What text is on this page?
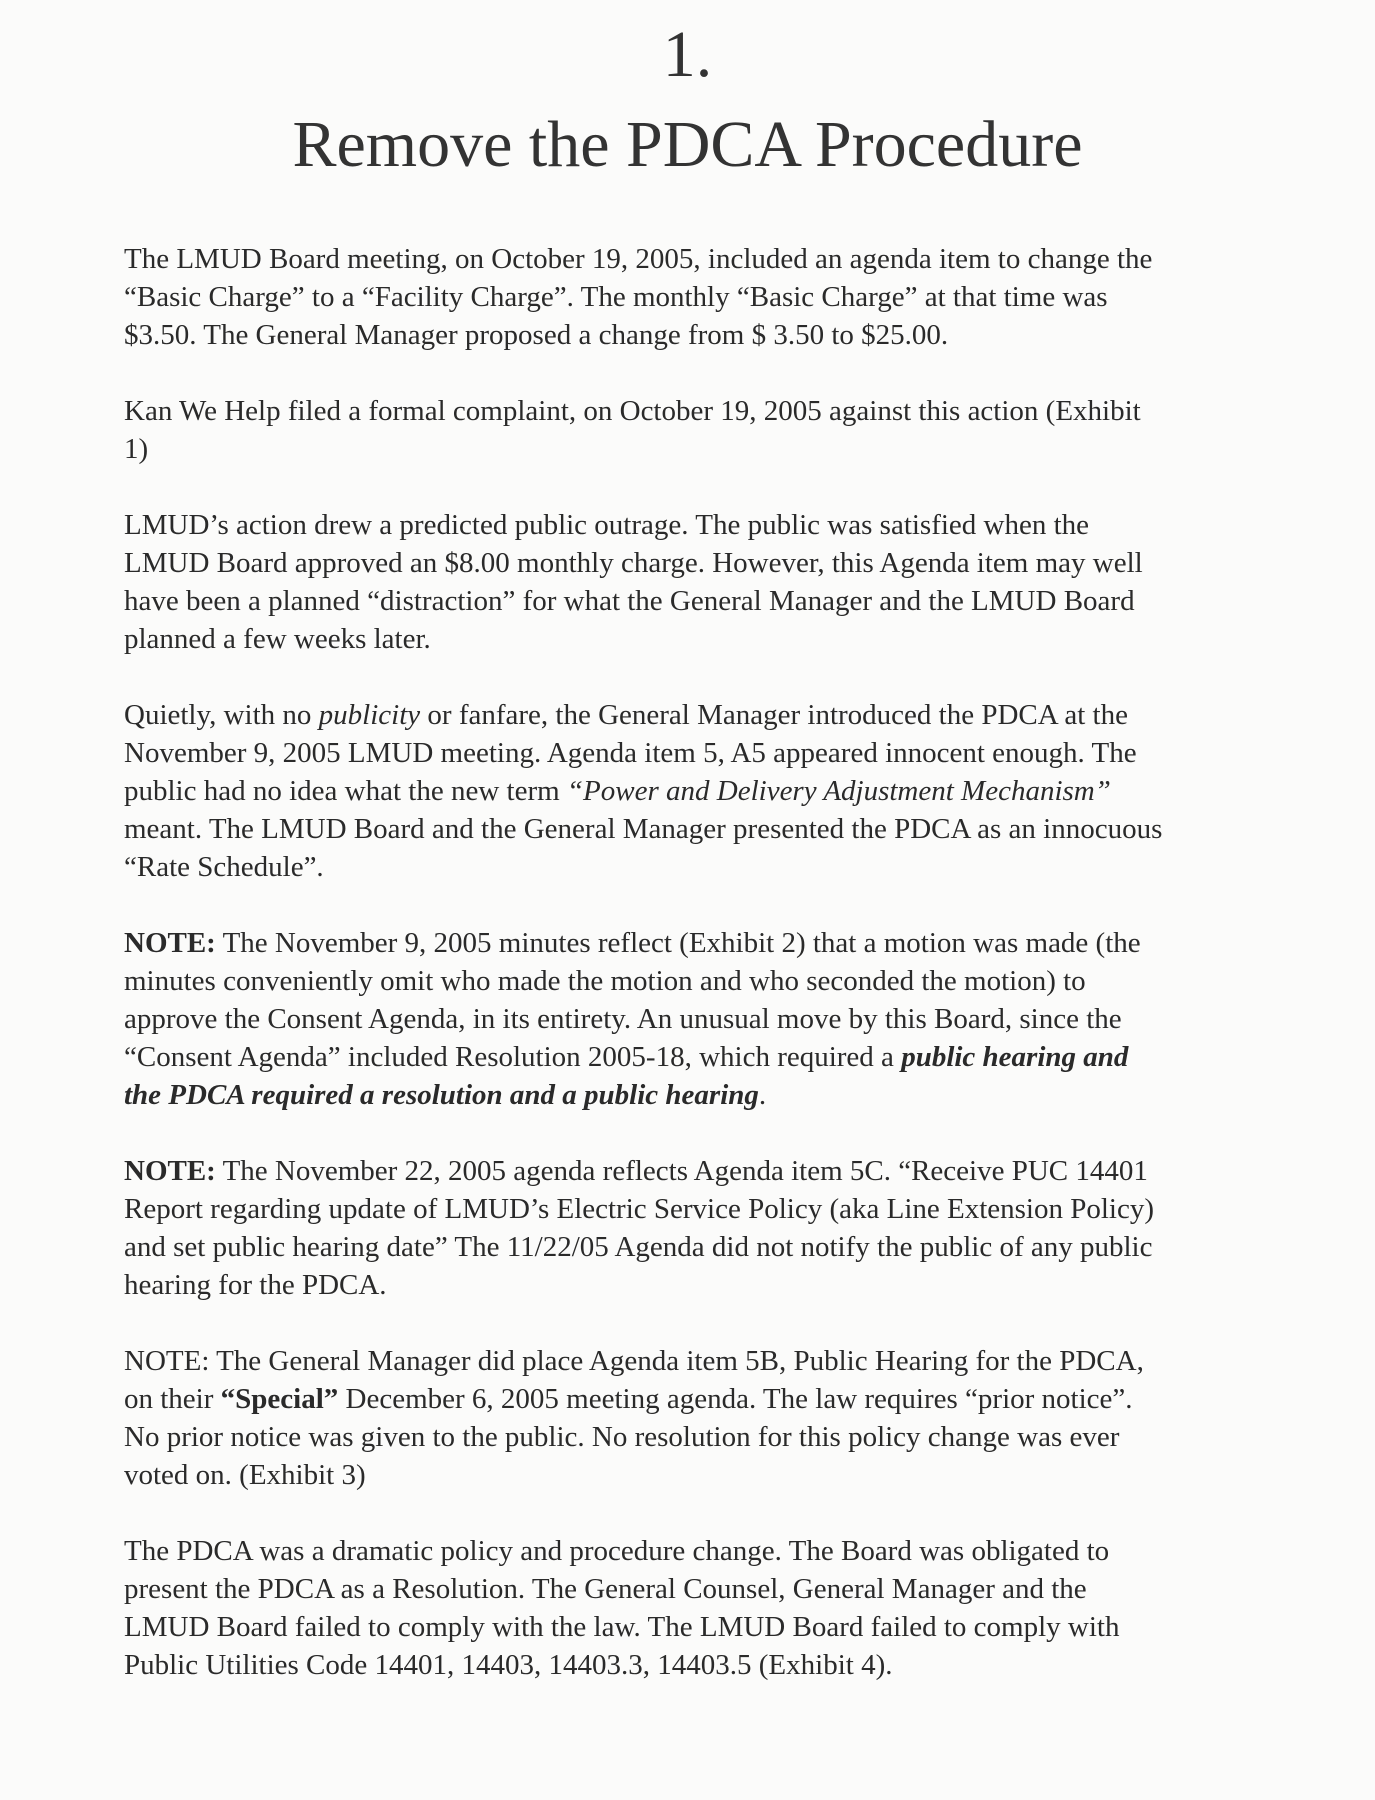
1.
Remove the PDCA Procedure
The LMUD Board meeting, on October 19, 2005, included an agenda item to change the
“Basic Charge” to a “Facility Charge”. The monthly “Basic Charge” at that time was
$3.50. The General Manager proposed a change from $ 3.50 to $25.00.
Kan We Help filed a formal complaint, on October 19, 2005 against this action (Exhibit
1)
LMUD’s action drew a predicted public outrage. The public was satisfied when the
LMUD Board approved an $8.00 monthly charge. However, this Agenda item may well
have been a planned “distraction” for what the General Manager and the LMUD Board
planned a few weeks later.
Quietly, with no publicity or fanfare, the General Manager introduced the PDCA at the
November 9, 2005 LMUD meeting. Agenda item 5, A5 appeared innocent enough. The
public had no idea what the new term “Power and Delivery Adjustment Mechanism”
meant. The LMUD Board and the General Manager presented the PDCA as an innocuous
“Rate Schedule”.
NOTE: The November 9, 2005 minutes reflect (Exhibit 2) that a motion was made (the
minutes conveniently omit who made the motion and who seconded the motion) to
approve the Consent Agenda, in its entirety. An unusual move by this Board, since the
“Consent Agenda” included Resolution 2005-18, which required a public hearing and
the PDCA required a resolution and a public hearing.
NOTE: The November 22, 2005 agenda reflects Agenda item 5C. “Receive PUC 14401
Report regarding update of LMUD’s Electric Service Policy (aka Line Extension Policy)
and set public hearing date” The 11/22/05 Agenda did not notify the public of any public
hearing for the PDCA.
NOTE: The General Manager did place Agenda item 5B, Public Hearing for the PDCA,
on their “Special” December 6, 2005 meeting agenda. The law requires “prior notice”.
No prior notice was given to the public. No resolution for this policy change was ever
voted on. (Exhibit 3)
The PDCA was a dramatic policy and procedure change. The Board was obligated to
present the PDCA as a Resolution. The General Counsel, General Manager and the
LMUD Board failed to comply with the law. The LMUD Board failed to comply with
Public Utilities Code 14401, 14403, 14403.3, 14403.5 (Exhibit 4).
